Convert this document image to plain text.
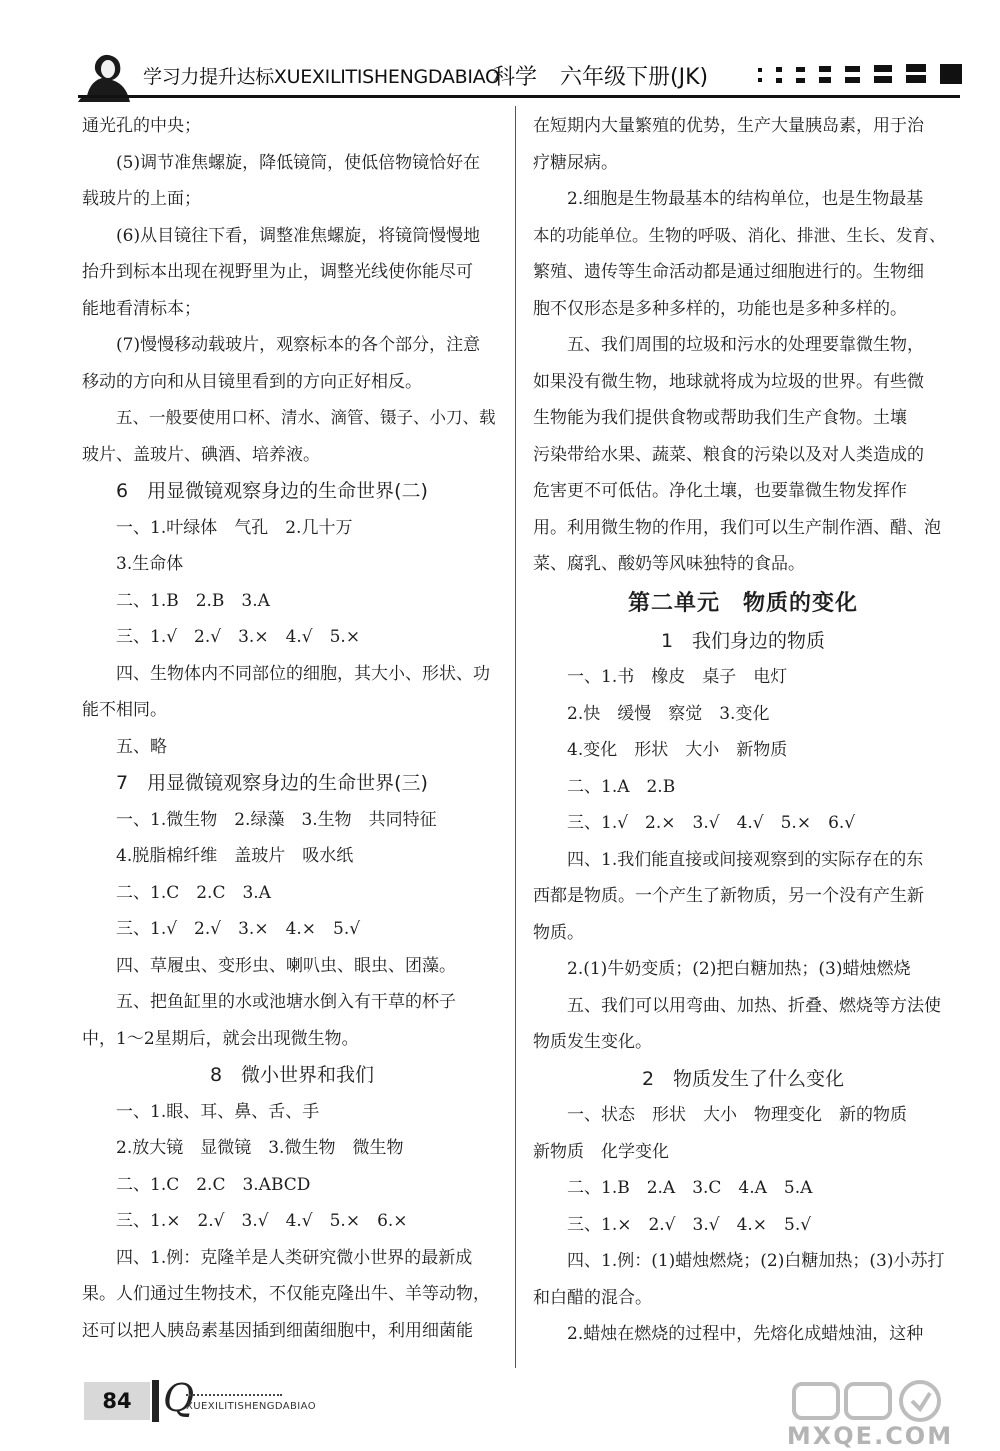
学习力提升达标XUEXILITISHENGDABIAO
科学 六年级下册(JK)

通光孔的中央；

(5)调节准焦螺旋，降低镜筒，使低倍物镜恰好在

载玻片的上面；

(6)从目镜往下看，调整准焦螺旋，将镜筒慢慢地

抬升到标本出现在视野里为止，调整光线使你能尽可

能地看清标本；

(7)慢慢移动载玻片，观察标本的各个部分，注意

移动的方向和从目镜里看到的方向正好相反。

五、一般要使用口杯、清水、滴管、镊子、小刀、载

玻片、盖玻片、碘酒、培养液。

6　用显微镜观察身边的生命世界(二)

一、1.叶绿体　气孔　2.几十万

3.生命体

二、1.B　2.B　3.A

三、1.√　2.√　3.×　4.√　5.×

四、生物体内不同部位的细胞，其大小、形状、功

能不相同。

五、略

7　用显微镜观察身边的生命世界(三)

一、1.微生物　2.绿藻　3.生物　共同特征

4.脱脂棉纤维　盖玻片　吸水纸

二、1.C　2.C　3.A

三、1.√　2.√　3.×　4.×　5.√

四、草履虫、变形虫、喇叭虫、眼虫、团藻。

五、把鱼缸里的水或池塘水倒入有干草的杯子

中，1～2星期后，就会出现微生物。

8　微小世界和我们

一、1.眼、耳、鼻、舌、手

2.放大镜　显微镜　3.微生物　微生物

二、1.C　2.C　3.ABCD

三、1.×　2.√　3.√　4.√　5.×　6.×

四、1.例：克隆羊是人类研究微小世界的最新成

果。人们通过生物技术，不仅能克隆出牛、羊等动物，

还可以把人胰岛素基因插到细菌细胞中，利用细菌能

在短期内大量繁殖的优势，生产大量胰岛素，用于治

疗糖尿病。

2.细胞是生物最基本的结构单位，也是生物最基

本的功能单位。生物的呼吸、消化、排泄、生长、发育、

繁殖、遗传等生命活动都是通过细胞进行的。生物细

胞不仅形态是多种多样的，功能也是多种多样的。

五、我们周围的垃圾和污水的处理要靠微生物，

如果没有微生物，地球就将成为垃圾的世界。有些微

生物能为我们提供食物或帮助我们生产食物。土壤

污染带给水果、蔬菜、粮食的污染以及对人类造成的

危害更不可低估。净化土壤，也要靠微生物发挥作

用。利用微生物的作用，我们可以生产制作酒、醋、泡

菜、腐乳、酸奶等风味独特的食品。

第二单元　物质的变化
1　我们身边的物质

一、1.书　橡皮　桌子　电灯

2.快　缓慢　察觉　3.变化

4.变化　形状　大小　新物质

二、1.A　2.B

三、1.√　2.×　3.√　4.√　5.×　6.√

四、1.我们能直接或间接观察到的实际存在的东

西都是物质。一个产生了新物质，另一个没有产生新

物质。

2.(1)牛奶变质；(2)把白糖加热；(3)蜡烛燃烧

五、我们可以用弯曲、加热、折叠、燃烧等方法使

物质发生变化。

2　物质发生了什么变化

一、状态　形状　大小　物理变化　新的物质

新物质　化学变化

二、1.B　2.A　3.C　4.A　5.A

三、1.×　2.√　3.√　4.×　5.√

四、1.例：(1)蜡烛燃烧；(2)白糖加热；(3)小苏打

和白醋的混合。

2.蜡烛在燃烧的过程中，先熔化成蜡烛油，这种

84 Q
XUEXILITISHENGDABIAO
MXQE.COM
